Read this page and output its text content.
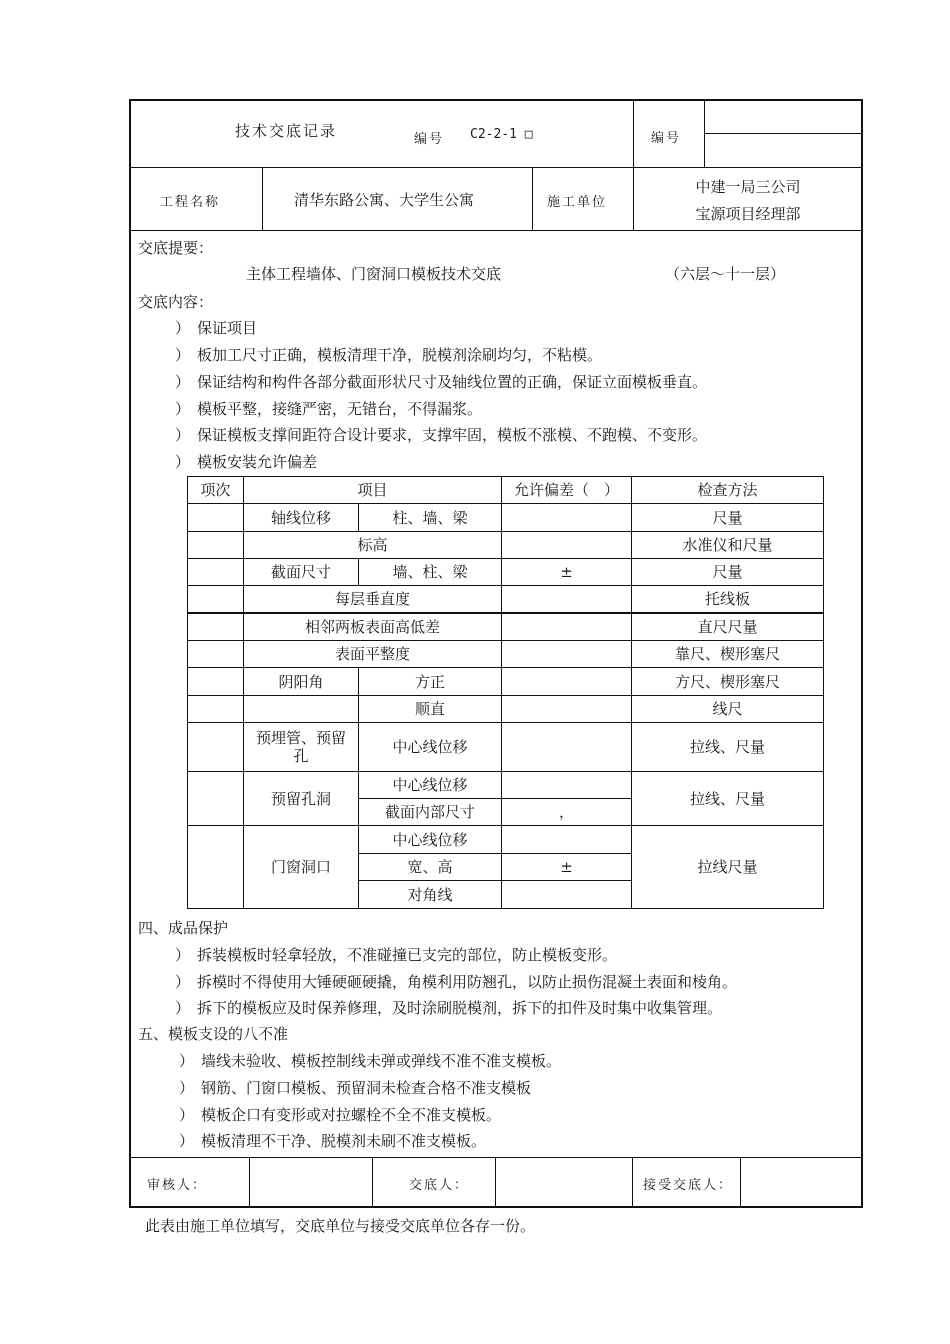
技术交底记录	编号 C2-2-1 □	编号
工程名称	清华东路公寓、大学生公寓	施工单位
中建一局三公司
宝源项目经理部
交底提要：
主体工程墙体、门窗洞口模板技术交底	（六层～十一层）
交底内容：
） 保证项目
） 板加工尺寸正确，模板清理干净，脱模剂涂刷均匀，不粘模。
） 保证结构和构件各部分截面形状尺寸及轴线位置的正确，保证立面模板垂直。
） 模板平整，接缝严密，无错台，不得漏浆。
） 保证模板支撑间距符合设计要求，支撑牢固，模板不涨模、不跑模、不变形。
） 模板安装允许偏差
项次	项目		允许偏差（　）	检查方法
	轴线位移	柱、墙、梁		尺量
	标高			水准仪和尺量
	截面尺寸	墙、柱、梁	±	尺量
	每层垂直度			托线板
	相邻两板表面高低差			直尺尺量
	表面平整度			靠尺、楔形塞尺
	阴阳角	方正		方尺、楔形塞尺
		顺直		线尺

	预埋管、预留孔	中心线位移		拉线、尺量
	预留孔洞	中心线位移		拉线、尺量
		截面内部尺寸	，	
	门窗洞口	中心线位移		拉线尺量
		宽、高	±	
		对角线		
四、成品保护
） 拆装模板时轻拿轻放，不准碰撞已支完的部位，防止模板变形。
） 拆模时不得使用大锤硬砸硬撬，角模利用防翘孔，以防止损伤混凝土表面和棱角。
） 拆下的模板应及时保养修理，及时涂刷脱模剂，拆下的扣件及时集中收集管理。
五、模板支设的八不准
） 墙线未验收、模板控制线未弹或弹线不准不准支模板。
） 钢筋、门窗口模板、预留洞未检查合格不准支模板
） 模板企口有变形或对拉螺栓不全不准支模板。
） 模板清理不干净、脱模剂未刷不准支模板。
审核人：	交底人：	接受交底人：
此表由施工单位填写，交底单位与接受交底单位各存一份。
